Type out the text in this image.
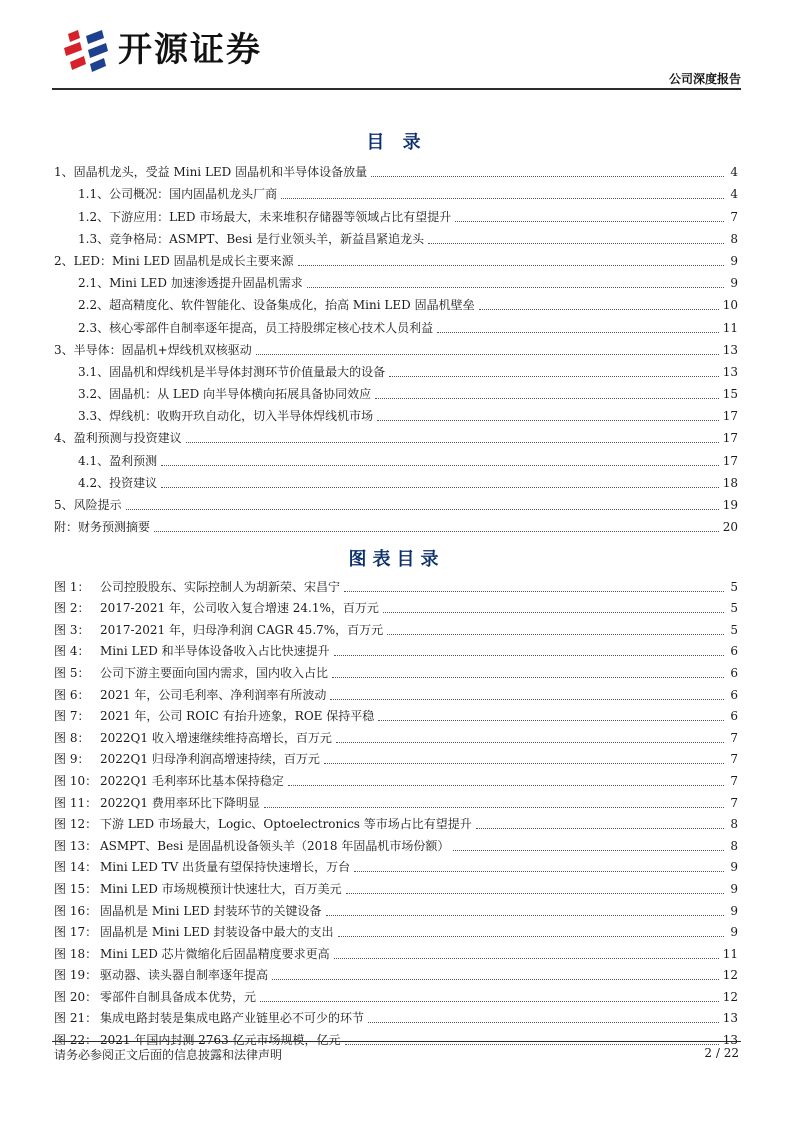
开源证券
公司深度报告
目 录
1、固晶机龙头，受益 Mini LED 固晶机和半导体设备放量	4
1.1、公司概况：国内固晶机龙头厂商	4
1.2、下游应用：LED 市场最大，未来堆积存储器等领域占比有望提升	7
1.3、竞争格局：ASMPT、Besi 是行业领头羊，新益昌紧追龙头	8
2、LED：Mini LED 固晶机是成长主要来源	9
2.1、Mini LED 加速渗透提升固晶机需求	9
2.2、超高精度化、软件智能化、设备集成化，抬高 Mini LED 固晶机壁垒	10
2.3、核心零部件自制率逐年提高，员工持股绑定核心技术人员利益	11
3、半导体：固晶机+焊线机双核驱动	13
3.1、固晶机和焊线机是半导体封测环节价值量最大的设备	13
3.2、固晶机：从 LED 向半导体横向拓展具备协同效应	15
3.3、焊线机：收购开玖自动化，切入半导体焊线机市场	17
4、盈利预测与投资建议	17
4.1、盈利预测	17
4.2、投资建议	18
5、风险提示	19
附：财务预测摘要	20
图表目录
图 1： 公司控股股东、实际控制人为胡新荣、宋昌宁	5
图 2： 2017-2021 年，公司收入复合增速 24.1%，百万元	5
图 3： 2017-2021 年，归母净利润 CAGR 45.7%，百万元	5
图 4： Mini LED 和半导体设备收入占比快速提升	6
图 5： 公司下游主要面向国内需求，国内收入占比	6
图 6： 2021 年，公司毛利率、净利润率有所波动	6
图 7： 2021 年，公司 ROIC 有抬升迹象，ROE 保持平稳	6
图 8： 2022Q1 收入增速继续维持高增长，百万元	7
图 9： 2022Q1 归母净利润高增速持续，百万元	7
图 10： 2022Q1 毛利率环比基本保持稳定	7
图 11： 2022Q1 费用率环比下降明显	7
图 12： 下游 LED 市场最大，Logic、Optoelectronics 等市场占比有望提升	8
图 13： ASMPT、Besi 是固晶机设备领头羊（2018 年固晶机市场份额）	8
图 14： Mini LED TV 出货量有望保持快速增长，万台	9
图 15： Mini LED 市场规模预计快速壮大，百万美元	9
图 16： 固晶机是 Mini LED 封装环节的关键设备	9
图 17： 固晶机是 Mini LED 封装设备中最大的支出	9
图 18： Mini LED 芯片微缩化后固晶精度要求更高	11
图 19： 驱动器、读头器自制率逐年提高	12
图 20： 零部件自制具备成本优势，元	12
图 21： 集成电路封装是集成电路产业链里必不可少的环节	13
图 22： 2021 年国内封测 2763 亿元市场规模，亿元	13
请务必参阅正文后面的信息披露和法律声明	2 / 22
